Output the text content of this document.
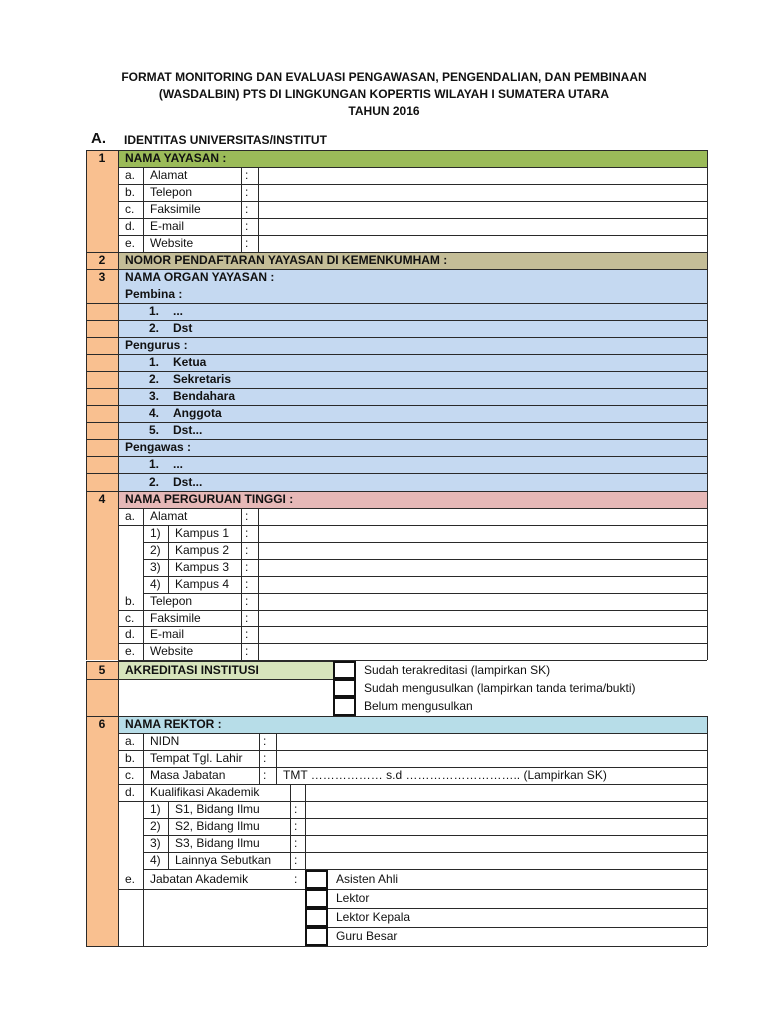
FORMAT MONITORING DAN EVALUASI PENGAWASAN, PENGENDALIAN, DAN PEMBINAAN
(WASDALBIN) PTS DI LINGKUNGAN KOPERTIS WILAYAH I SUMATERA UTARA
TAHUN 2016
A. IDENTITAS UNIVERSITAS/INSTITUT
1	NAMA YAYASAN :
a.	Alamat	:
b.	Telepon	:
c.	Faksimile	:
d.	E-mail	:
e.	Website	:
2	NOMOR PENDAFTARAN YAYASAN DI KEMENKUMHAM :
3	NAMA ORGAN YAYASAN :
Pembina :
1.	...
2.	Dst
Pengurus :
1.	Ketua
2.	Sekretaris
3.	Bendahara
4.	Anggota
5.	Dst...
Pengawas :
1.	...
2.	Dst...
4	NAMA PERGURUAN TINGGI :
a.	Alamat	:
1)	Kampus 1	:
2)	Kampus 2	:
3)	Kampus 3	:
4)	Kampus 4	:
b.	Telepon	:
c.	Faksimile	:
d.	E-mail	:
e.	Website	:
5	AKREDITASI INSTITUSI	Sudah terakreditasi (lampirkan SK)
Sudah mengusulkan (lampirkan tanda terima/bukti)
Belum mengusulkan
6	NAMA REKTOR :
a.	NIDN	:
b.	Tempat Tgl. Lahir	:
c.	Masa Jabatan	:	TMT ……………… s.d ……………………….. (Lampirkan SK)
d.	Kualifikasi Akademik
1)	S1, Bidang Ilmu	:
2)	S2, Bidang Ilmu	:
3)	S3, Bidang Ilmu	:
4)	Lainnya Sebutkan	:
e.	Jabatan Akademik	:	Asisten Ahli
Lektor
Lektor Kepala
Guru Besar
